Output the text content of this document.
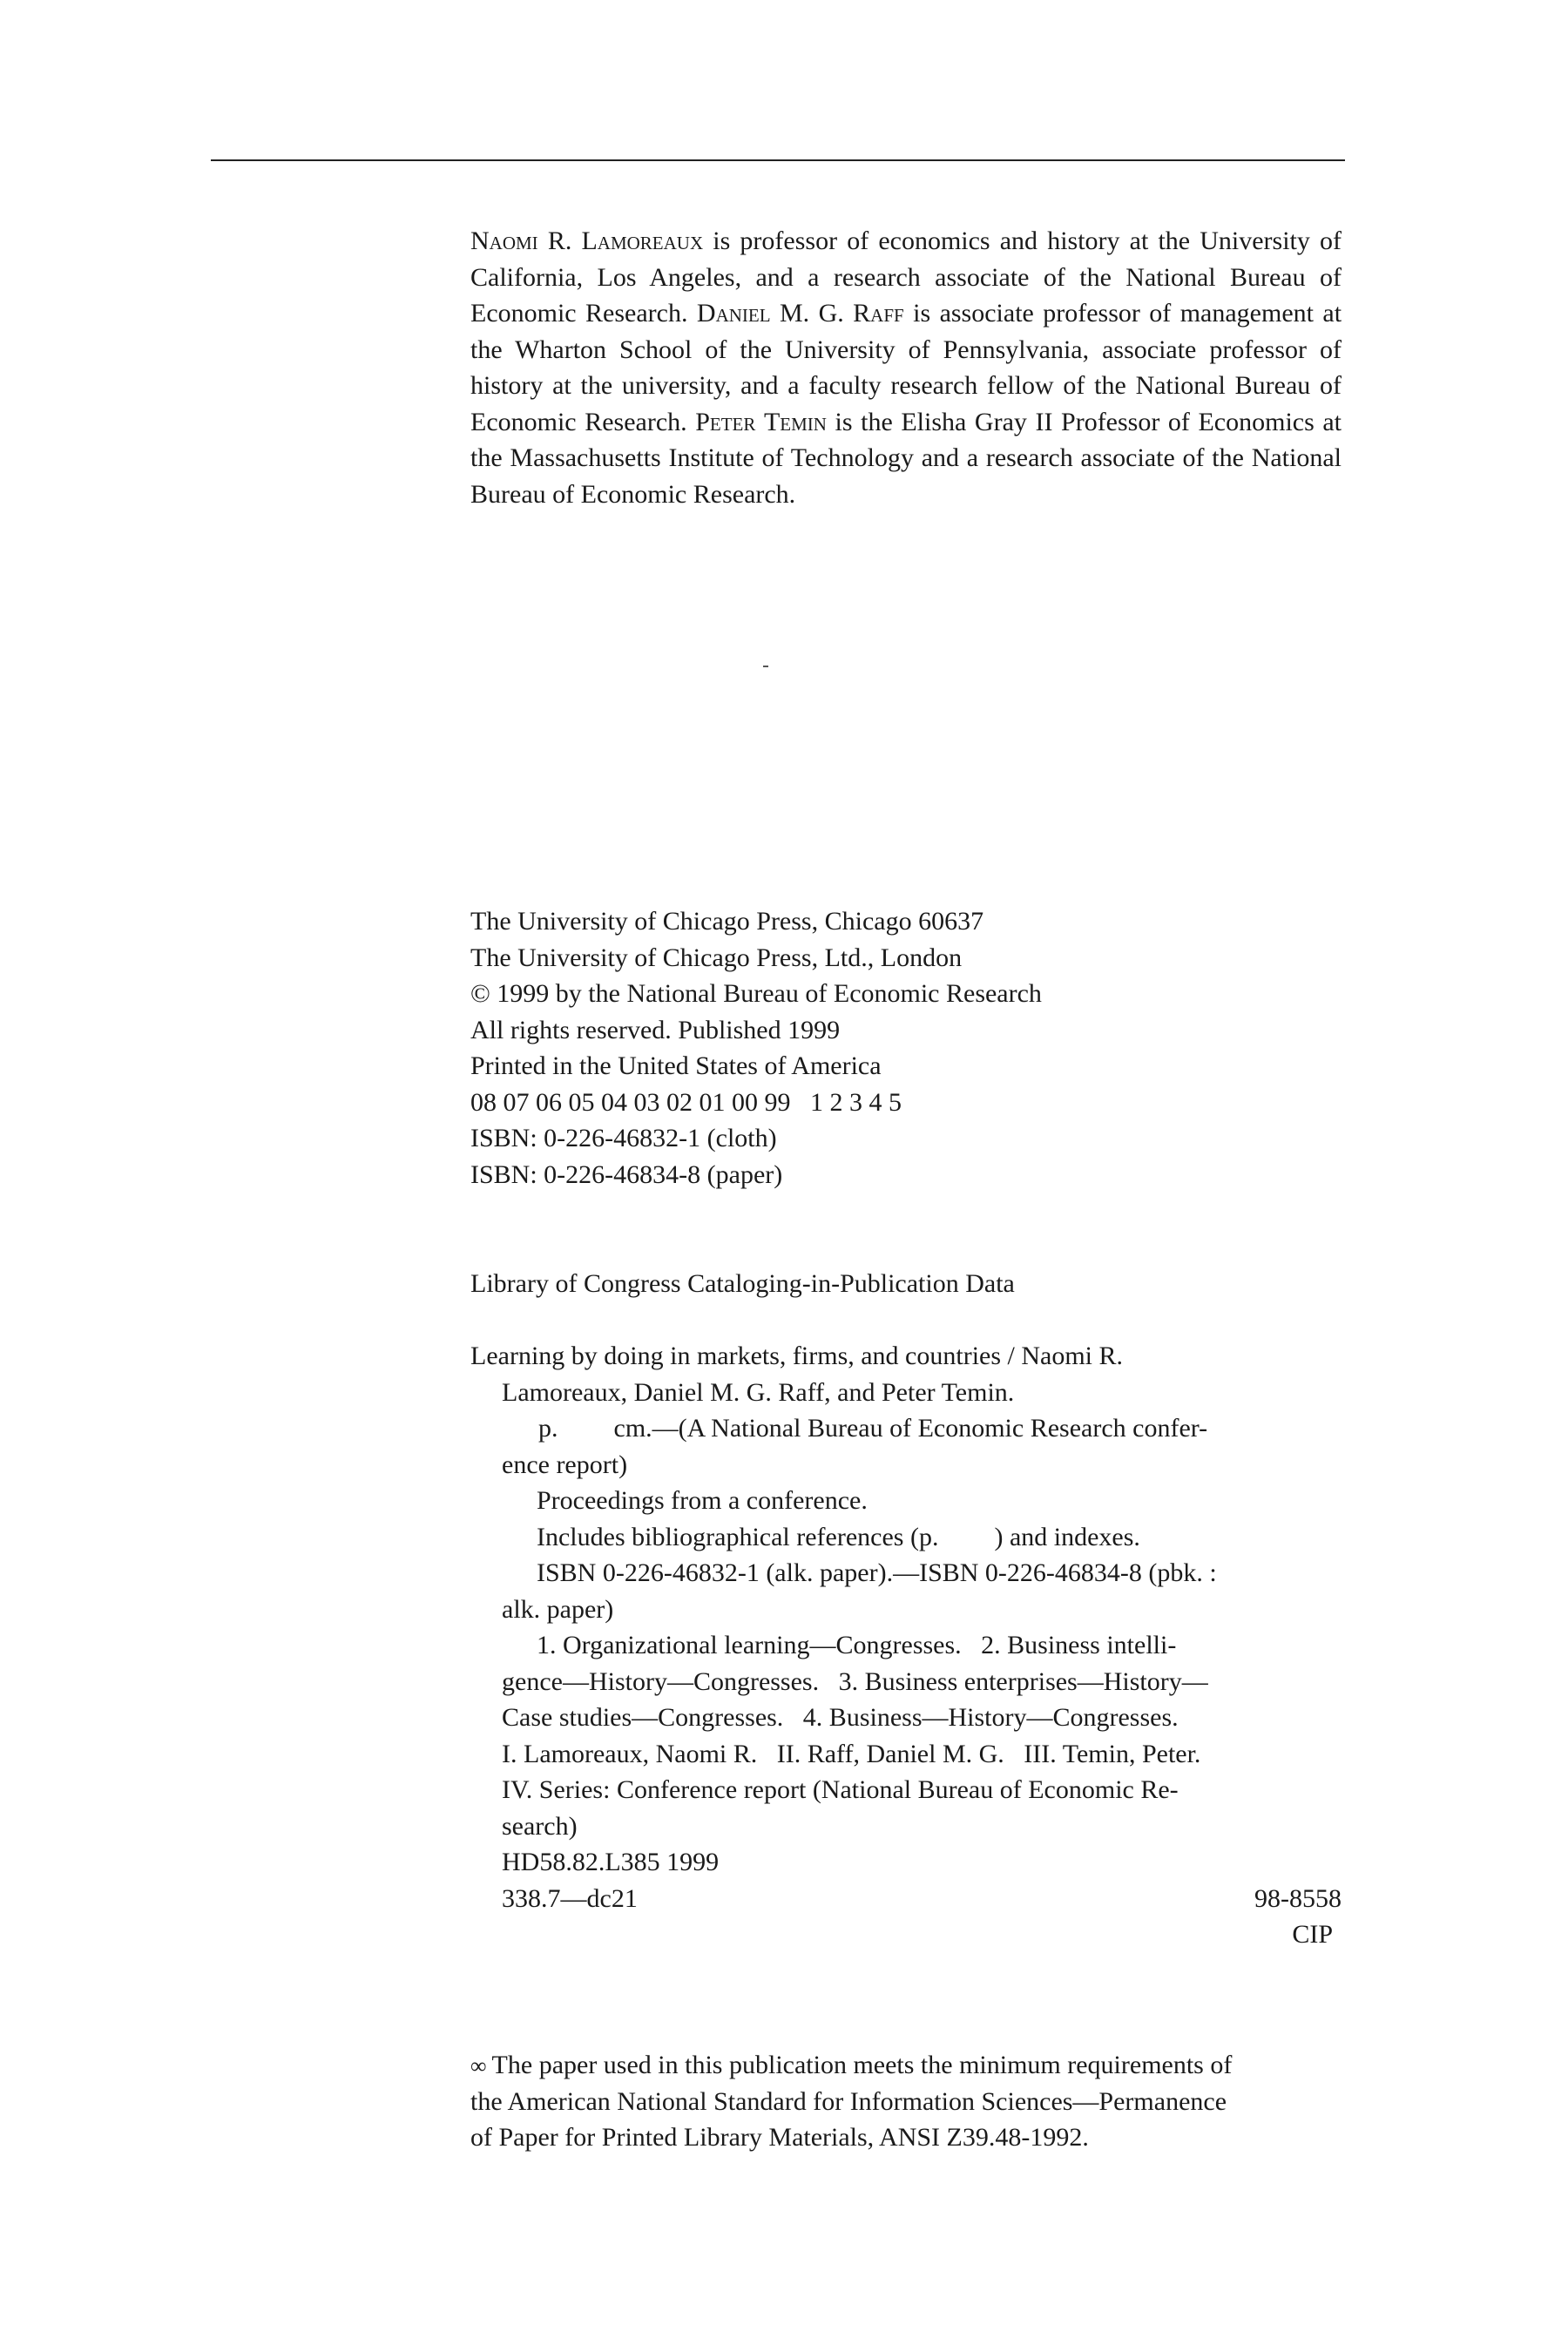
Naomi R. Lamoreaux is professor of economics and history at the University of California, Los Angeles, and a research associate of the National Bureau of Economic Research. Daniel M. G. Raff is associate professor of management at the Wharton School of the University of Pennsylvania, associate professor of history at the university, and a faculty research fellow of the National Bureau of Economic Research. Peter Temin is the Elisha Gray II Professor of Economics at the Massachusetts Institute of Technology and a research associate of the National Bureau of Economic Research.

The University of Chicago Press, Chicago 60637
The University of Chicago Press, Ltd., London
© 1999 by the National Bureau of Economic Research
All rights reserved. Published 1999
Printed in the United States of America
08 07 06 05 04 03 02 01 00 99   1 2 3 4 5
ISBN: 0-226-46832-1 (cloth)
ISBN: 0-226-46834-8 (paper)
Library of Congress Cataloging-in-Publication Data
Learning by doing in markets, firms, and countries / Naomi R.
Lamoreaux, Daniel M. G. Raff, and Peter Temin.
p. cm.—(A National Bureau of Economic Research confer-
ence report)
Proceedings from a conference.
Includes bibliographical references (p. ) and indexes.
ISBN 0-226-46832-1 (alk. paper).—ISBN 0-226-46834-8 (pbk. :
alk. paper)
1. Organizational learning—Congresses.   2. Business intelli-
gence—History—Congresses.   3. Business enterprises—History—
Case studies—Congresses.   4. Business—History—Congresses.
I. Lamoreaux, Naomi R.   II. Raff, Daniel M. G.   III. Temin, Peter.
IV. Series: Conference report (National Bureau of Economic Re-
search)
HD58.82.L385 1999
338.7—dc21	98-8558
CIP
∞ The paper used in this publication meets the minimum requirements of
the American National Standard for Information Sciences—Permanence
of Paper for Printed Library Materials, ANSI Z39.48-1992.
